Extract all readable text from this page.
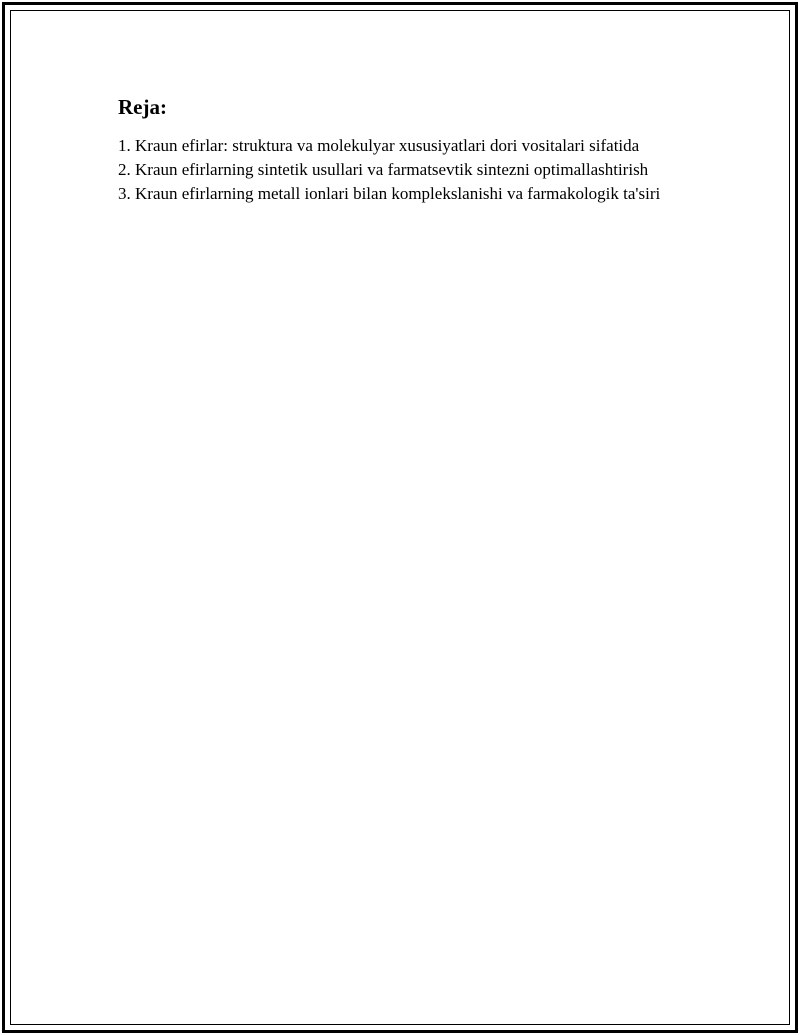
Reja:
1. Kraun efirlar: struktura va molekulyar xususiyatlari dori vositalari sifatida
2. Kraun efirlarning sintetik usullari va farmatsevtik sintezni optimallashtirish
3. Kraun efirlarning metall ionlari bilan komplekslanishi va farmakologik ta'siri
